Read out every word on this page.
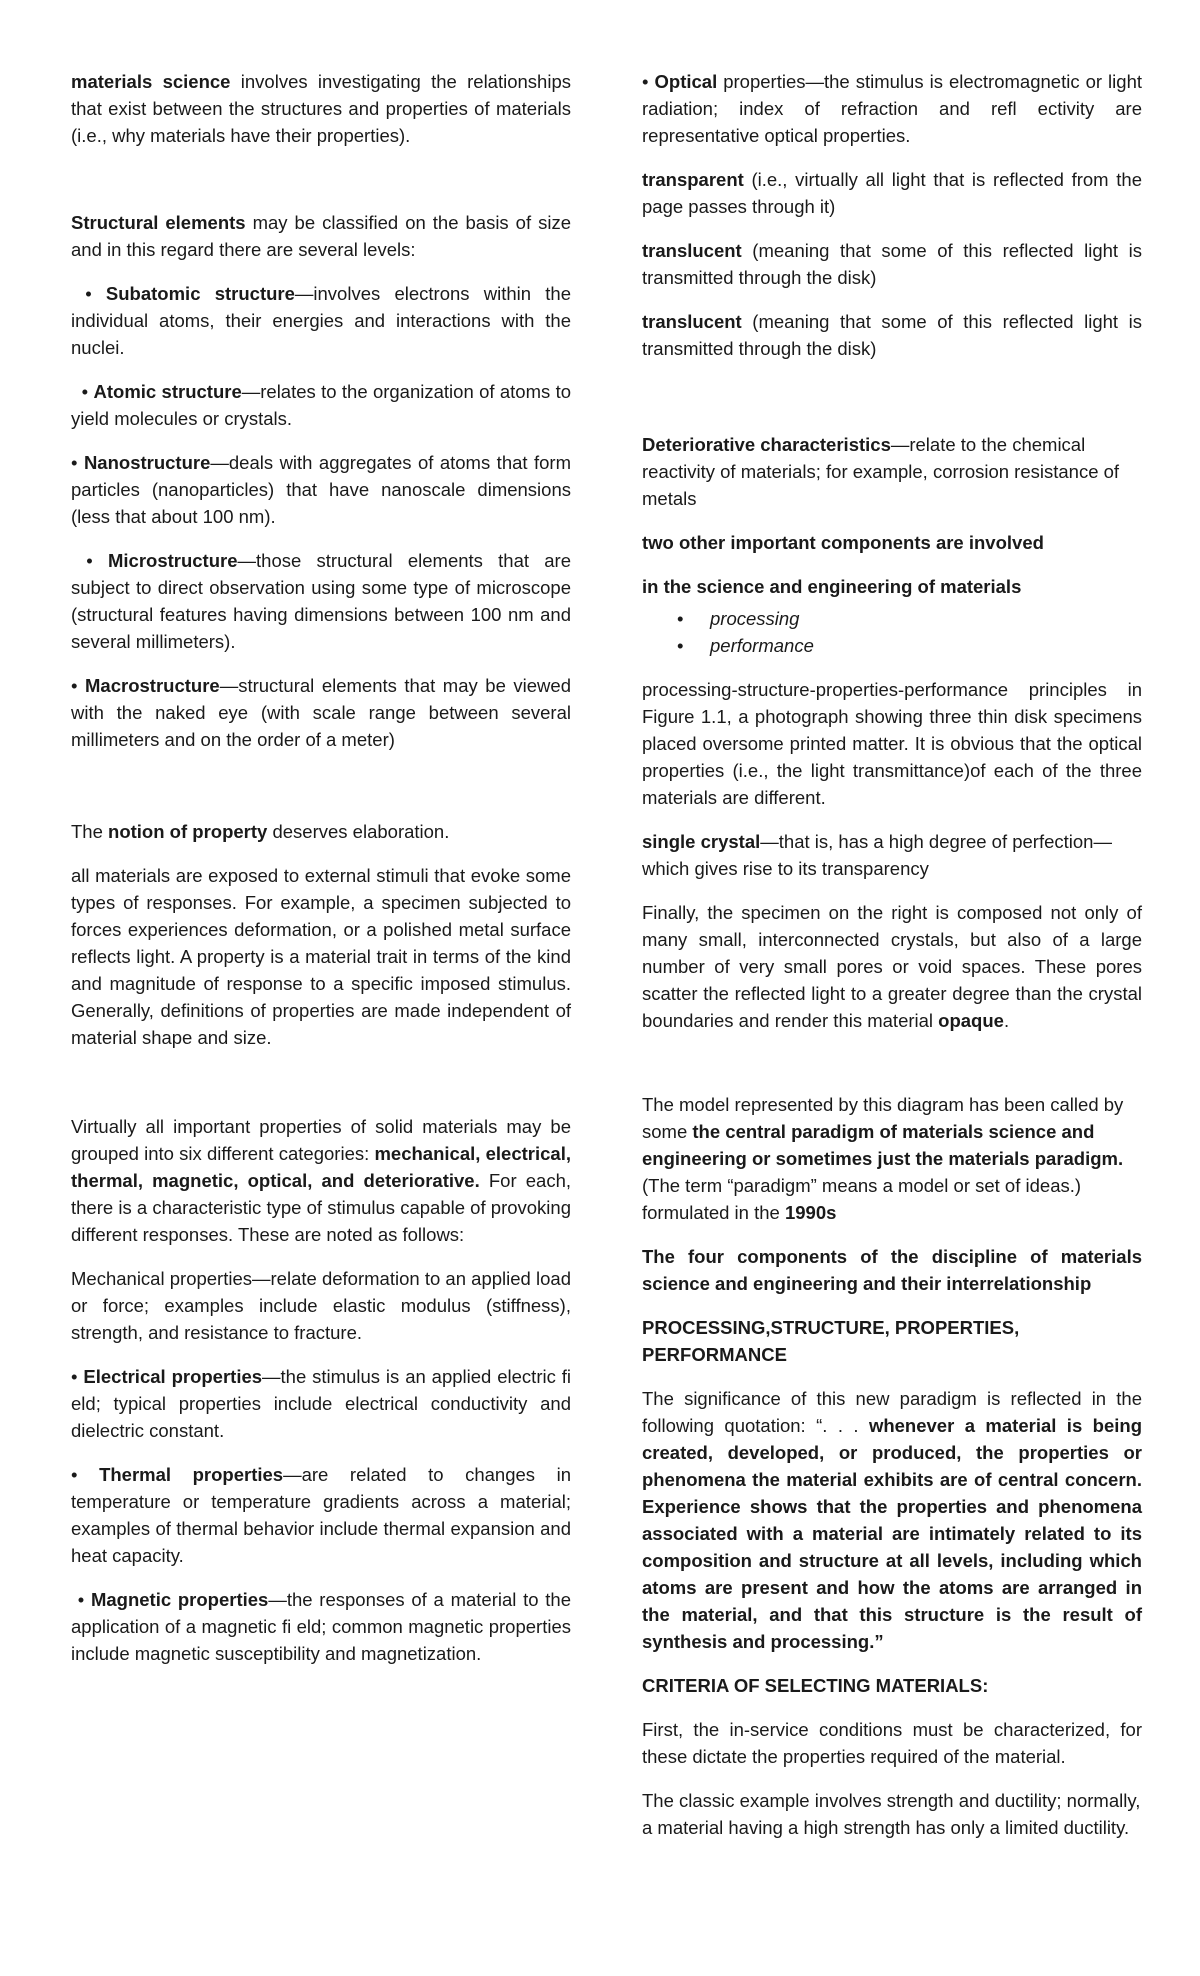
materials science involves investigating the relationships that exist between the structures and properties of materials (i.e., why materials have their properties).

Structural elements may be classified on the basis of size and in this regard there are several levels:

• Subatomic structure—involves electrons within the individual atoms, their energies and interactions with the nuclei.

• Atomic structure—relates to the organization of atoms to yield molecules or crystals.

• Nanostructure—deals with aggregates of atoms that form particles (nanoparticles) that have nanoscale dimensions (less that about 100 nm).

• Microstructure—those structural elements that are subject to direct observation using some type of microscope (structural features having dimensions between 100 nm and several millimeters).

• Macrostructure—structural elements that may be viewed with the naked eye (with scale range between several millimeters and on the order of a meter)

The notion of property deserves elaboration.

all materials are exposed to external stimuli that evoke some types of responses. For example, a specimen subjected to forces experiences deformation, or a polished metal surface reflects light. A property is a material trait in terms of the kind and magnitude of response to a specific imposed stimulus. Generally, definitions of properties are made independent of material shape and size.

Virtually all important properties of solid materials may be grouped into six different categories: mechanical, electrical, thermal, magnetic, optical, and deteriorative. For each, there is a characteristic type of stimulus capable of provoking different responses. These are noted as follows:

Mechanical properties—relate deformation to an applied load or force; examples include elastic modulus (stiffness), strength, and resistance to fracture.

• Electrical properties—the stimulus is an applied electric fi eld; typical properties include electrical conductivity and dielectric constant.

• Thermal properties—are related to changes in temperature or temperature gradients across a material; examples of thermal behavior include thermal expansion and heat capacity.

• Magnetic properties—the responses of a material to the application of a magnetic fi eld; common magnetic properties include magnetic susceptibility and magnetization.

• Optical properties—the stimulus is electromagnetic or light radiation; index of refraction and refl ectivity are representative optical properties.

transparent (i.e., virtually all light that is reflected from the page passes through it)

translucent (meaning that some of this reflected light is transmitted through the disk)

translucent (meaning that some of this reflected light is transmitted through the disk)

Deteriorative characteristics—relate to the chemical reactivity of materials; for example, corrosion resistance of metals

two other important components are involved

in the science and engineering of materials

• processing
• performance

processing-structure-properties-performance principles in Figure 1.1, a photograph showing three thin disk specimens placed oversome printed matter. It is obvious that the optical properties (i.e., the light transmittance)of each of the three materials are different.

single crystal—that is, has a high degree of perfection—which gives rise to its transparency

Finally, the specimen on the right is composed not only of many small, interconnected crystals, but also of a large number of very small pores or void spaces. These pores scatter the reflected light to a greater degree than the crystal boundaries and render this material opaque.

The model represented by this diagram has been called by some the central paradigm of materials science and engineering or sometimes just the materials paradigm. (The term “paradigm” means a model or set of ideas.) formulated in the 1990s

The four components of the discipline of materials science and engineering and their interrelationship

PROCESSING,STRUCTURE, PROPERTIES, PERFORMANCE

The significance of this new paradigm is reflected in the following quotation: “. . . whenever a material is being created, developed, or produced, the properties or phenomena the material exhibits are of central concern. Experience shows that the properties and phenomena associated with a material are intimately related to its composition and structure at all levels, including which atoms are present and how the atoms are arranged in the material, and that this structure is the result of synthesis and processing.”

CRITERIA OF SELECTING MATERIALS:

First, the in-service conditions must be characterized, for these dictate the properties required of the material.

The classic example involves strength and ductility; normally, a material having a high strength has only a limited ductility.
